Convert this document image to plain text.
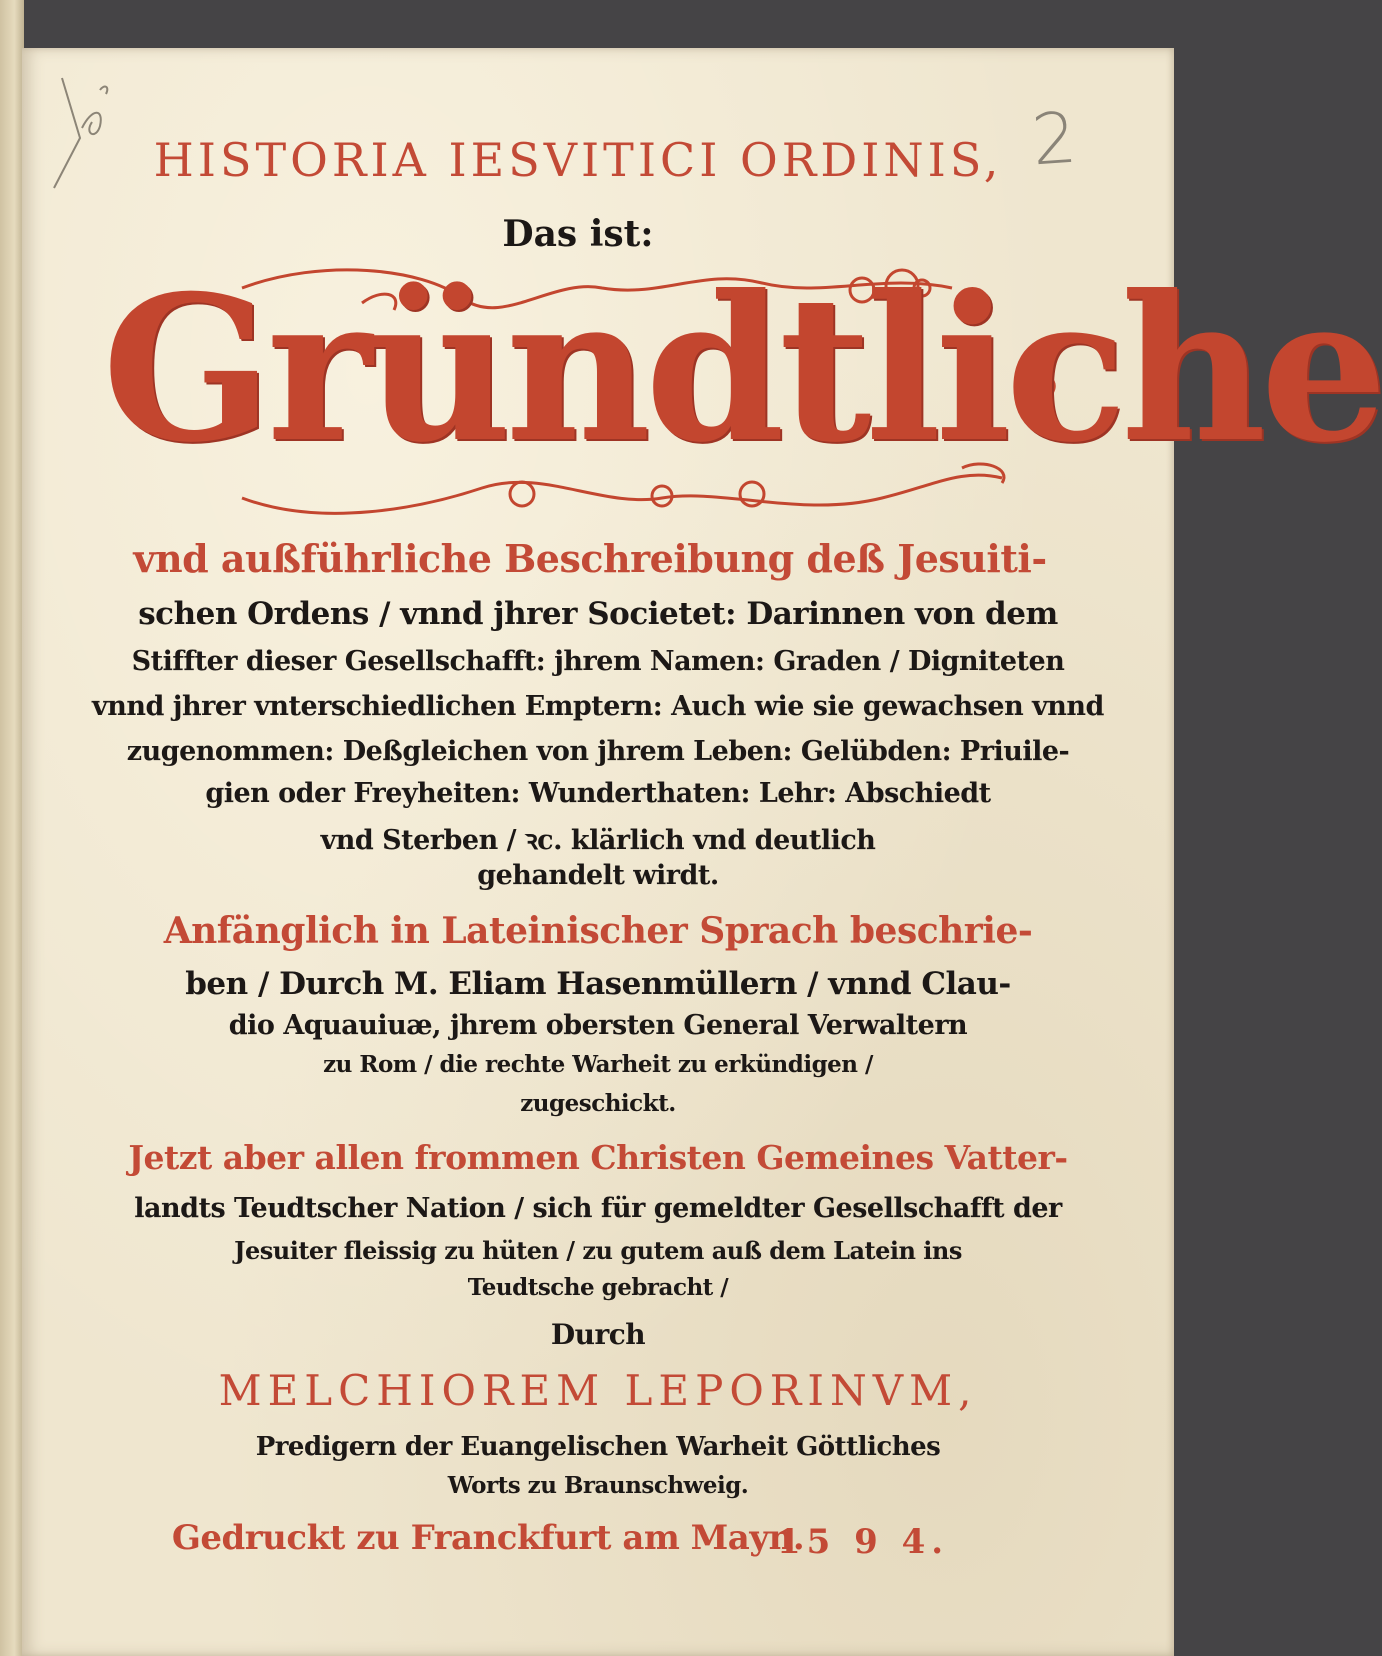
2
HISTORIA IESVITICI ORDINIS,
Das ist:
Gründtliche
vnd außführliche Beschreibung deß Jesuiti-
schen Ordens / vnnd jhrer Societet: Darinnen von dem
Stiffter dieser Gesellschafft: jhrem Namen: Graden / Digniteten
vnnd jhrer vnterschiedlichen Emptern: Auch wie sie gewachsen vnnd
zugenommen: Deßgleichen von jhrem Leben: Gelübden: Priuile-
gien oder Freyheiten: Wunderthaten: Lehr: Abschiedt
vnd Sterben / ꝛc. klärlich vnd deutlich
gehandelt wirdt.
Anfänglich in Lateinischer Sprach beschrie-
ben / Durch M. Eliam Hasenmüllern / vnnd Clau-
dio Aquauiuæ, jhrem obersten General Verwaltern
zu Rom / die rechte Warheit zu erkündigen /
zugeschickt.
Jetzt aber allen frommen Christen Gemeines Vatter-
landts Teudtscher Nation / sich für gemeldter Gesellschafft der
Jesuiter fleissig zu hüten / zu gutem auß dem Latein ins
Teudtsche gebracht /
Durch
MELCHIOREM LEPORINVM,
Predigern der Euangelischen Warheit Göttliches
Worts zu Braunschweig.
Gedruckt zu Franckfurt am Mayn.
15 9 4.
